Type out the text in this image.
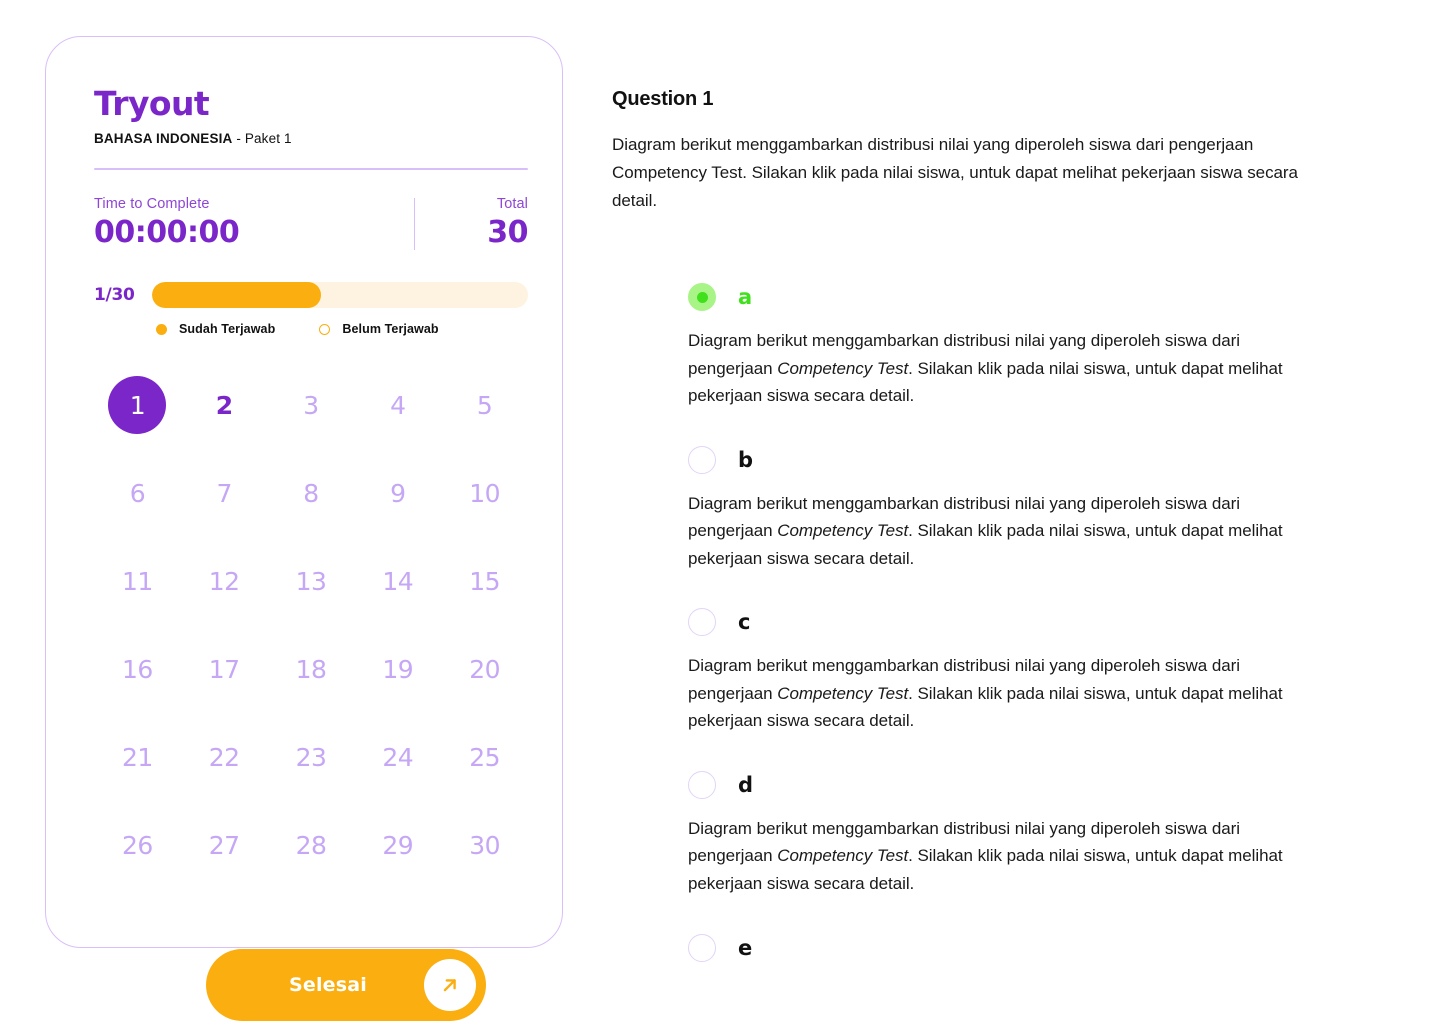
Tryout
BAHASA INDONESIA - Paket 1
Time to Complete
00:00:00
Total
30
1/30
Sudah Terjawab	Belum Terjawab
1	2	3	4	5
6	7	8	9	10
11	12	13	14	15
16	17	18	19	20
21	22	23	24	25
26	27	28	29	30
Selesai
Question 1
Diagram berikut menggambarkan distribusi nilai yang diperoleh siswa dari pengerjaan Competency Test. Silakan klik pada nilai siswa, untuk dapat melihat pekerjaan siswa secara detail.
a
Diagram berikut menggambarkan distribusi nilai yang diperoleh siswa dari pengerjaan Competency Test. Silakan klik pada nilai siswa, untuk dapat melihat pekerjaan siswa secara detail.
b
Diagram berikut menggambarkan distribusi nilai yang diperoleh siswa dari pengerjaan Competency Test. Silakan klik pada nilai siswa, untuk dapat melihat pekerjaan siswa secara detail.
c
Diagram berikut menggambarkan distribusi nilai yang diperoleh siswa dari pengerjaan Competency Test. Silakan klik pada nilai siswa, untuk dapat melihat pekerjaan siswa secara detail.
d
Diagram berikut menggambarkan distribusi nilai yang diperoleh siswa dari pengerjaan Competency Test. Silakan klik pada nilai siswa, untuk dapat melihat pekerjaan siswa secara detail.
e
